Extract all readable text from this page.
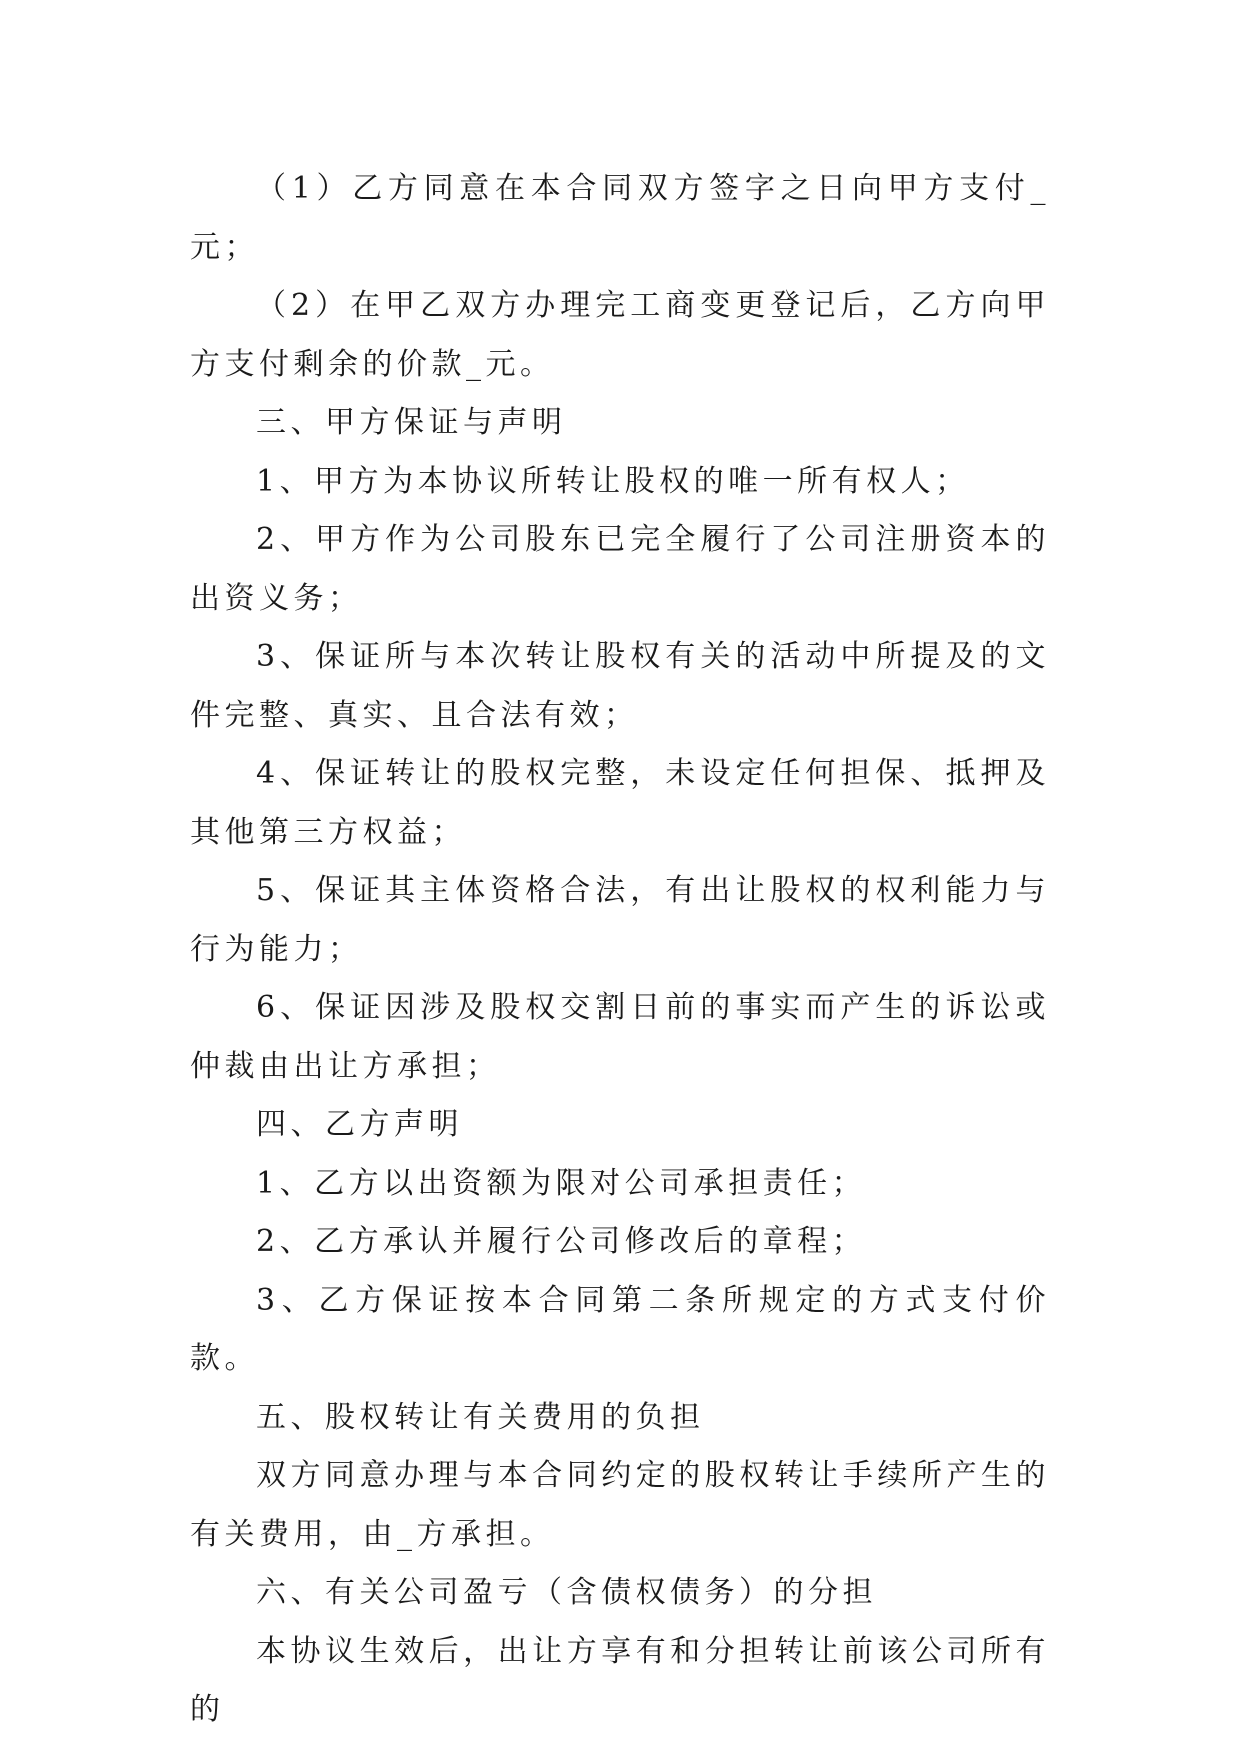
（1）乙方同意在本合同双方签字之日向甲方支付_元；

（2）在甲乙双方办理完工商变更登记后，乙方向甲方支付剩余的价款_元。

三、甲方保证与声明

1、甲方为本协议所转让股权的唯一所有权人；

2、甲方作为公司股东已完全履行了公司注册资本的出资义务；

3、保证所与本次转让股权有关的活动中所提及的文件完整、真实、且合法有效；

4、保证转让的股权完整，未设定任何担保、抵押及其他第三方权益；

5、保证其主体资格合法，有出让股权的权利能力与行为能力；

6、保证因涉及股权交割日前的事实而产生的诉讼或仲裁由出让方承担；

四、乙方声明

1、乙方以出资额为限对公司承担责任；

2、乙方承认并履行公司修改后的章程；

3、乙方保证按本合同第二条所规定的方式支付价款。

五、股权转让有关费用的负担

双方同意办理与本合同约定的股权转让手续所产生的有关费用，由_方承担。

六、有关公司盈亏（含债权债务）的分担

本协议生效后，出让方享有和分担转让前该公司所有的
